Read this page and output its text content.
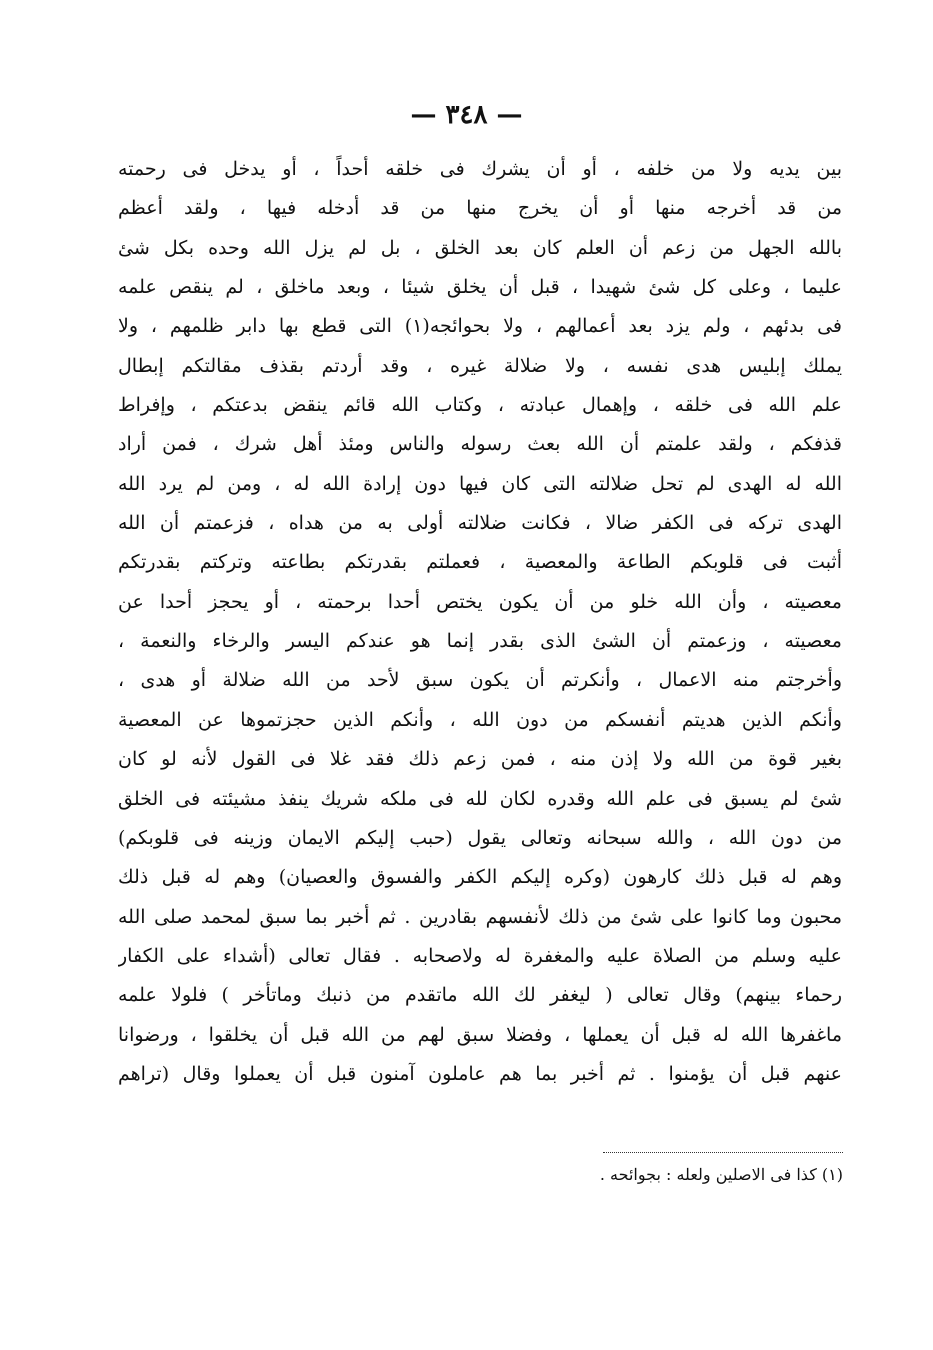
— ٣٤٨ —
بين يديه ولا من خلفه ، أو أن يشرك فى خلقه أحداً ، أو يدخل فى رحمته
من قد أخرجه منها أو أن يخرج منها من قد أدخله فيها ، ولقد أعظم
بالله الجهل من زعم أن العلم كان بعد الخلق ، بل لم يزل الله وحده بكل شئ
عليما ، وعلى كل شئ شهيدا ، قبل أن يخلق شيئا ، وبعد ماخلق ، لم ينقص علمه
فى بدئهم ، ولم يزد بعد أعمالهم ، ولا بحوائجه(١) التى قطع بها دابر ظلمهم ، ولا
يملك إبليس هدى نفسه ، ولا ضلالة غيره ، وقد أردتم بقذف مقالتكم إبطال
علم الله فى خلقه ، وإهمال عبادته ، وكتاب الله قائم ينقض بدعتكم ، وإفراط
قذفكم ، ولقد علمتم أن الله بعث رسوله والناس ومئذ أهل شرك ، فمن أراد
الله له الهدى لم تحل ضلالته التى كان فيها دون إرادة الله له ، ومن لم يرد الله
الهدى تركه فى الكفر ضالا ، فكانت ضلالته أولى به من هداه ، فزعمتم أن الله
أثبت فى قلوبكم الطاعة والمعصية ، فعملتم بقدرتكم بطاعته وتركتم بقدرتكم
معصيته ، وأن الله خلو من أن يكون يختص أحدا برحمته ، أو يحجز أحدا عن
معصيته ، وزعمتم أن الشئ الذى بقدر إنما هو عندكم اليسر والرخاء والنعمة ،
وأخرجتم منه الاعمال ، وأنكرتم أن يكون سبق لأحد من الله ضلالة أو هدى ،
وأنكم الذين هديتم أنفسكم من دون الله ، وأنكم الذين حجزتموها عن المعصية
بغير قوة من الله ولا إذن منه ، فمن زعم ذلك فقد غلا فى القول لأنه لو كان
شئ لم يسبق فى علم الله وقدره لكان لله فى ملكه شريك ينفذ مشيئته فى الخلق
من دون الله ، والله سبحانه وتعالى يقول (حبب إليكم الايمان وزينه فى قلوبكم)
وهم له قبل ذلك كارهون (وكره إليكم الكفر والفسوق والعصيان) وهم له قبل ذلك
محبون وما كانوا على شئ من ذلك لأنفسهم بقادرين . ثم أخبر بما سبق لمحمد صلى الله
عليه وسلم من الصلاة عليه والمغفرة له ولاصحابه . فقال تعالى (أشداء على الكفار
رحماء بينهم) وقال تعالى ( ليغفر لك الله ماتقدم من ذنبك وماتأخر ) فلولا علمه
ماغفرها الله له قبل أن يعملها ، وفضلا سبق لهم من الله قبل أن يخلقوا ، ورضوانا
عنهم قبل أن يؤمنوا . ثم أخبر بما هم عاملون آمنون قبل أن يعملوا وقال (تراهم
(١) كذا فى الاصلين ولعله : بجوائحه .
